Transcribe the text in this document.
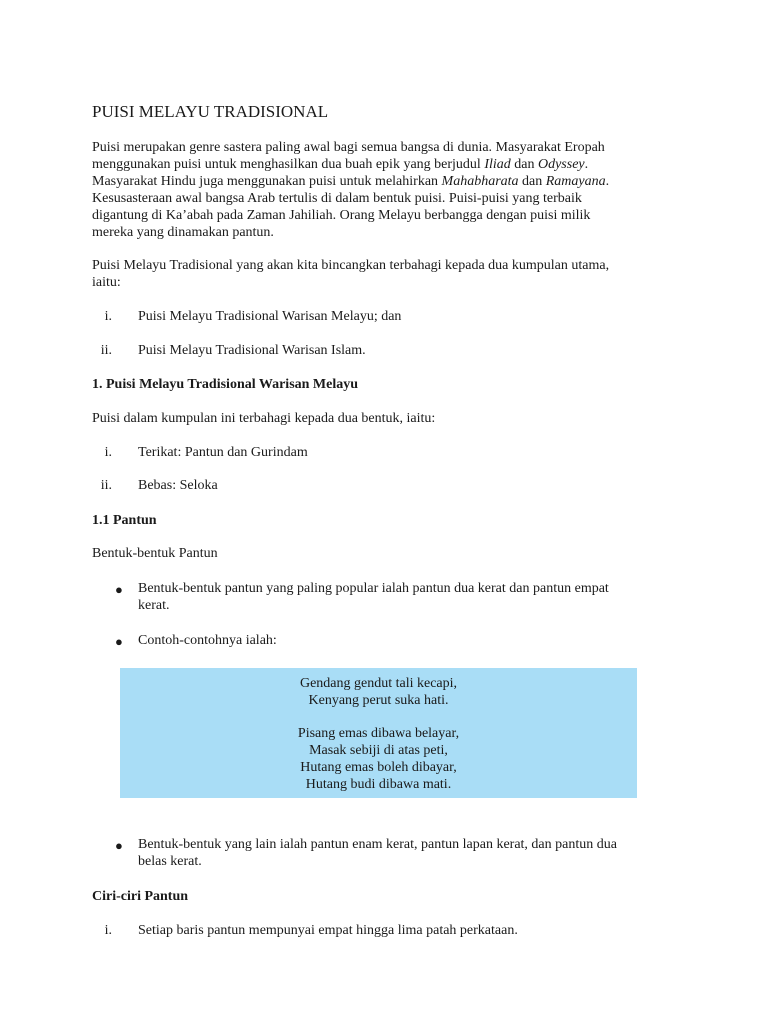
PUISI MELAYU TRADISIONAL
Puisi merupakan genre sastera paling awal bagi semua bangsa di dunia. Masyarakat Eropah
menggunakan puisi untuk menghasilkan dua buah epik yang berjudul Iliad dan Odyssey.
Masyarakat Hindu juga menggunakan puisi untuk melahirkan Mahabharata dan Ramayana.
Kesusasteraan awal bangsa Arab tertulis di dalam bentuk puisi. Puisi-puisi yang terbaik
digantung di Ka’abah pada Zaman Jahiliah. Orang Melayu berbangga dengan puisi milik
mereka yang dinamakan pantun.
Puisi Melayu Tradisional yang akan kita bincangkan terbahagi kepada dua kumpulan utama,
iaitu:
i. Puisi Melayu Tradisional Warisan Melayu; dan
ii. Puisi Melayu Tradisional Warisan Islam.
1. Puisi Melayu Tradisional Warisan Melayu
Puisi dalam kumpulan ini terbahagi kepada dua bentuk, iaitu:
i. Terikat: Pantun dan Gurindam
ii. Bebas: Seloka
1.1 Pantun
Bentuk-bentuk Pantun
● Bentuk-bentuk pantun yang paling popular ialah pantun dua kerat dan pantun empat
kerat.
● Contoh-contohnya ialah:
Gendang gendut tali kecapi,
Kenyang perut suka hati.
Pisang emas dibawa belayar,
Masak sebiji di atas peti,
Hutang emas boleh dibayar,
Hutang budi dibawa mati.
● Bentuk-bentuk yang lain ialah pantun enam kerat, pantun lapan kerat, dan pantun dua
belas kerat.
Ciri-ciri Pantun
i. Setiap baris pantun mempunyai empat hingga lima patah perkataan.
